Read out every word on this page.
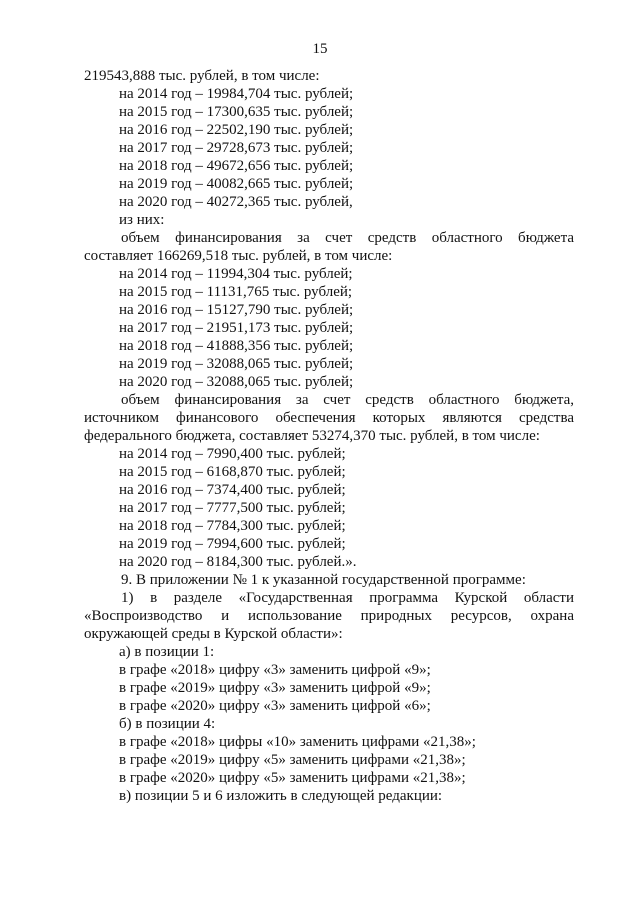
15
219543,888 тыс. рублей, в том числе:
на 2014 год – 19984,704 тыс. рублей;
на 2015 год – 17300,635 тыс. рублей;
на 2016 год – 22502,190 тыс. рублей;
на 2017 год – 29728,673 тыс. рублей;
на 2018 год – 49672,656 тыс. рублей;
на 2019 год – 40082,665 тыс. рублей;
на 2020 год – 40272,365 тыс. рублей,
из них:
объем финансирования за счет средств областного бюджета
составляет 166269,518 тыс. рублей, в том числе:
на 2014 год – 11994,304 тыс. рублей;
на 2015 год – 11131,765 тыс. рублей;
на 2016 год – 15127,790 тыс. рублей;
на 2017 год – 21951,173 тыс. рублей;
на 2018 год – 41888,356 тыс. рублей;
на 2019 год – 32088,065 тыс. рублей;
на 2020 год – 32088,065 тыс. рублей;
объем финансирования за счет средств областного бюджета,
источником финансового обеспечения которых являются средства
федерального бюджета, составляет 53274,370 тыс. рублей, в том числе:
на 2014 год – 7990,400 тыс. рублей;
на 2015 год – 6168,870 тыс. рублей;
на 2016 год – 7374,400 тыс. рублей;
на 2017 год – 7777,500 тыс. рублей;
на 2018 год – 7784,300 тыс. рублей;
на 2019 год – 7994,600 тыс. рублей;
на 2020 год – 8184,300 тыс. рублей.».
9. В приложении № 1 к указанной государственной программе:
1) в разделе «Государственная программа Курской области
«Воспроизводство и использование природных ресурсов, охрана
окружающей среды в Курской области»:
а) в позиции 1:
в графе «2018» цифру «3» заменить цифрой «9»;
в графе «2019» цифру «3» заменить цифрой «9»;
в графе «2020» цифру «3» заменить цифрой «6»;
б) в позиции 4:
в графе «2018» цифры «10» заменить цифрами «21,38»;
в графе «2019» цифру «5» заменить цифрами «21,38»;
в графе «2020» цифру «5» заменить цифрами «21,38»;
в) позиции 5 и 6 изложить в следующей редакции:
